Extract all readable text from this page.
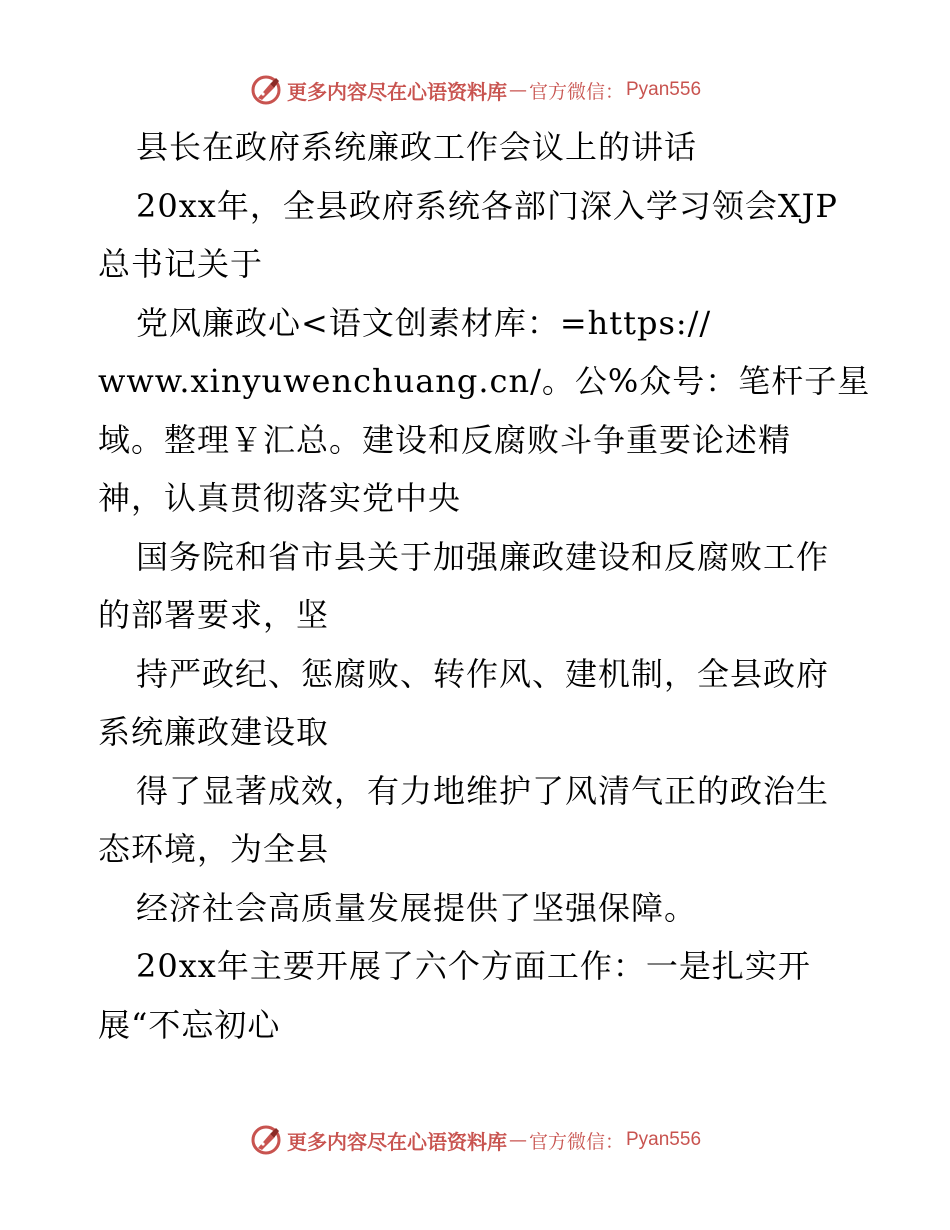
更多内容尽在心语资料库 — 官方微信： Pyan556
县长在政府系统廉政工作会议上的讲话
20xx年，全县政府系统各部门深入学习领会XJP
总书记关于
党风廉政心<语文创素材库：=https://
www.xinyuwenchuang.cn/。公%众号：笔杆子星
域。整理￥汇总。建设和反腐败斗争重要论述精
神，认真贯彻落实党中央
国务院和省市县关于加强廉政建设和反腐败工作
的部署要求，坚
持严政纪、惩腐败、转作风、建机制，全县政府
系统廉政建设取
得了显著成效，有力地维护了风清气正的政治生
态环境，为全县
经济社会高质量发展提供了坚强保障。
20xx年主要开展了六个方面工作：一是扎实开
展“不忘初心
更多内容尽在心语资料库 — 官方微信： Pyan556
